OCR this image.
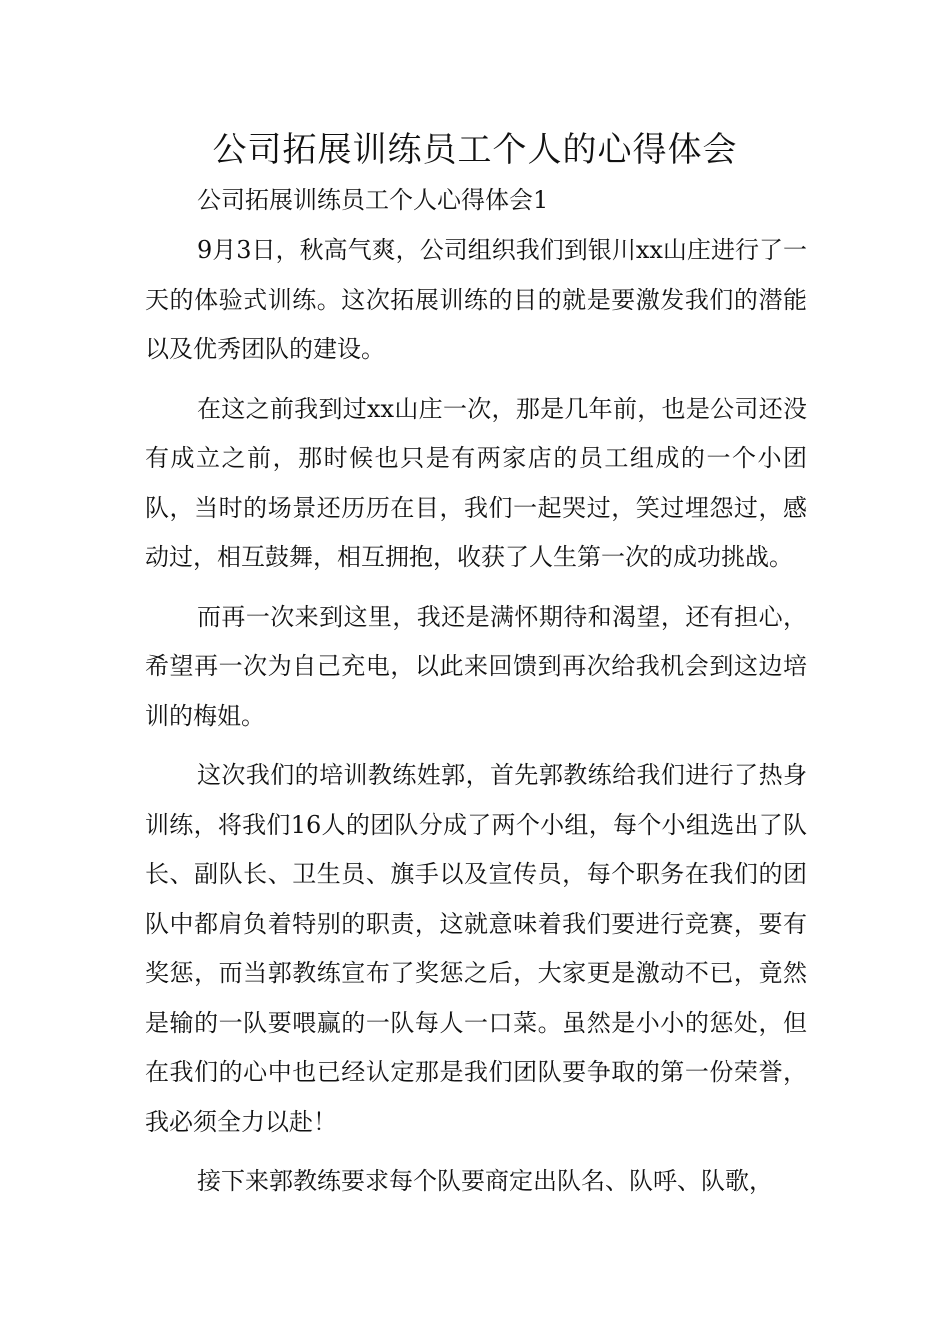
公司拓展训练员工个人的心得体会

公司拓展训练员工个人心得体会1

9月3日，秋高气爽，公司组织我们到银川xx山庄进行了一天的体验式训练。这次拓展训练的目的就是要激发我们的潜能以及优秀团队的建设。

在这之前我到过xx山庄一次，那是几年前，也是公司还没有成立之前，那时候也只是有两家店的员工组成的一个小团队，当时的场景还历历在目，我们一起哭过，笑过埋怨过，感动过，相互鼓舞，相互拥抱，收获了人生第一次的成功挑战。

而再一次来到这里，我还是满怀期待和渴望，还有担心，希望再一次为自己充电，以此来回馈到再次给我机会到这边培训的梅姐。

这次我们的培训教练姓郭，首先郭教练给我们进行了热身训练，将我们16人的团队分成了两个小组，每个小组选出了队长、副队长、卫生员、旗手以及宣传员，每个职务在我们的团队中都肩负着特别的职责，这就意味着我们要进行竞赛，要有奖惩，而当郭教练宣布了奖惩之后，大家更是激动不已，竟然是输的一队要喂赢的一队每人一口菜。虽然是小小的惩处，但在我们的心中也已经认定那是我们团队要争取的第一份荣誉，我必须全力以赴！

接下来郭教练要求每个队要商定出队名、队呼、队歌，
